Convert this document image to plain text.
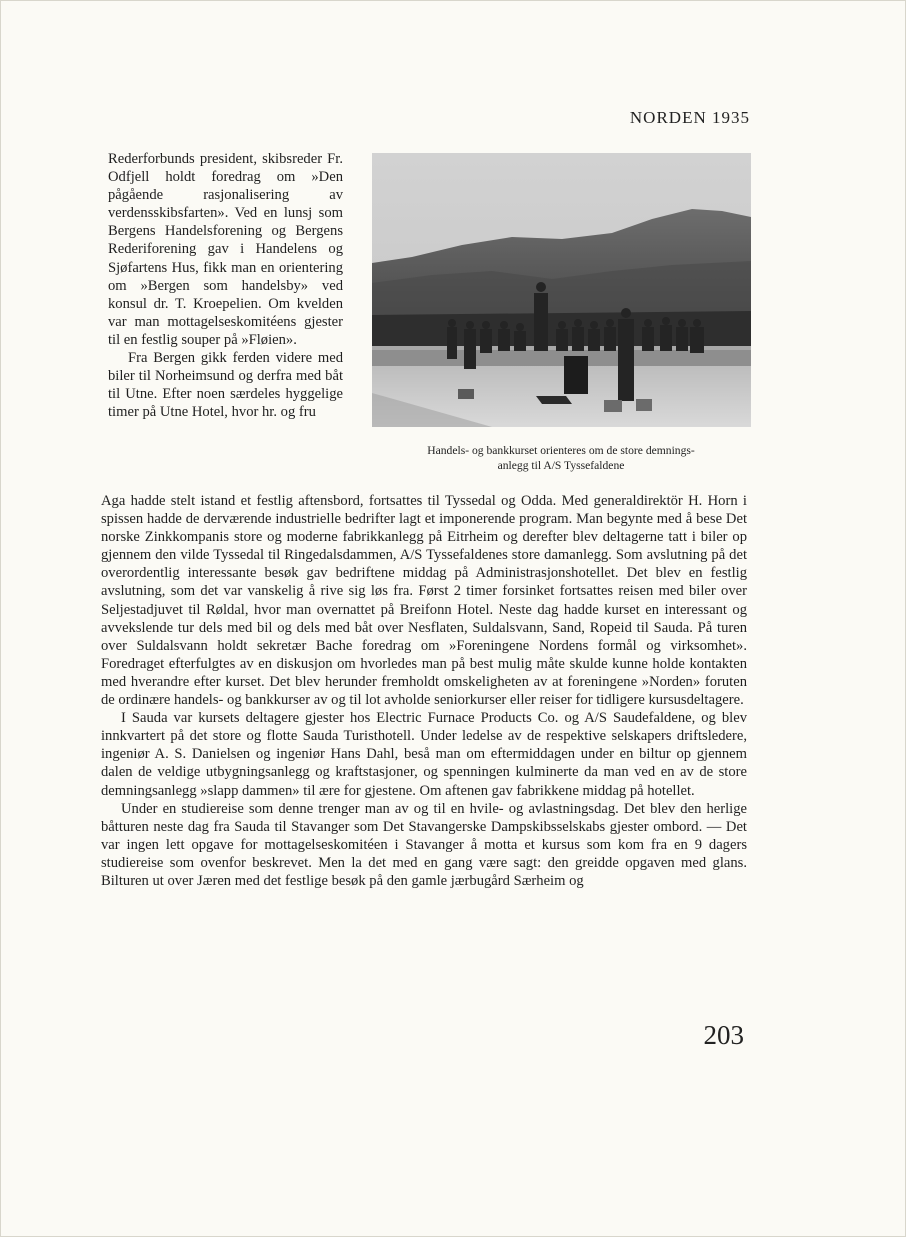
NORDEN 1935
Handels- og bankkurset orienteres om de store demnings-
anlegg til A/S Tyssefaldene

Rederforbunds president, skibsreder Fr. Odfjell holdt foredrag om »Den pågående rasjonalisering av verdensskibsfarten». Ved en lunsj som Bergens Handelsforening og Bergens Rederiforening gav i Handelens og Sjøfartens Hus, fikk man en orientering om »Bergen som handelsby» ved konsul dr. T. Kroepelien. Om kvelden var man mottagelseskomitéens gjester til en festlig souper på »Fløien».

Fra Bergen gikk ferden videre med biler til Norheimsund og derfra med båt til Utne. Efter noen særdeles hyggelige timer på Utne Hotel, hvor hr. og fru

Aga hadde stelt istand et festlig aftensbord, fortsattes til Tyssedal og Odda. Med generaldirektör H. Horn i spissen hadde de derværende industrielle bedrifter lagt et imponerende program. Man begynte med å bese Det norske Zinkkompanis store og moderne fabrikkanlegg på Eitrheim og derefter blev deltagerne tatt i biler op gjennem den vilde Tyssedal til Ringedalsdammen, A/S Tyssefaldenes store damanlegg. Som avslutning på det overordentlig interessante besøk gav bedriftene middag på Administrasjonshotellet. Det blev en festlig avslutning, som det var vanskelig å rive sig løs fra. Først 2 timer forsinket fortsattes reisen med biler over Seljestadjuvet til Røldal, hvor man overnattet på Breifonn Hotel. Neste dag hadde kurset en interessant og avvekslende tur dels med bil og dels med båt over Nesflaten, Suldalsvann, Sand, Ropeid til Sauda. På turen over Suldalsvann holdt sekretær Bache foredrag om »Foreningene Nordens formål og virksomhet». Foredraget efterfulgtes av en diskusjon om hvorledes man på best mulig måte skulde kunne holde kontakten med hverandre efter kurset. Det blev herunder fremholdt omskeligheten av at foreningene »Norden» foruten de ordinære handels- og bankkurser av og til lot avholde seniorkurser eller reiser for tidligere kursusdeltagere.

I Sauda var kursets deltagere gjester hos Electric Furnace Products Co. og A/S Saudefaldene, og blev innkvartert på det store og flotte Sauda Turisthotell. Under ledelse av de respektive selskapers driftsledere, ingeniør A. S. Danielsen og ingeniør Hans Dahl, beså man om eftermiddagen under en biltur op gjennem dalen de veldige utbygningsanlegg og kraftstasjoner, og spenningen kulminerte da man ved en av de store demningsanlegg »slapp dammen» til ære for gjestene. Om aftenen gav fabrikkene middag på hotellet.

Under en studiereise som denne trenger man av og til en hvile- og avlastningsdag. Det blev den herlige båtturen neste dag fra Sauda til Stavanger som Det Stavangerske Dampskibsselskabs gjester ombord. — Det var ingen lett opgave for mottagelseskomitéen i Stavanger å motta et kursus som kom fra en 9 dagers studiereise som ovenfor beskrevet. Men la det med en gang være sagt: den greidde opgaven med glans. Bilturen ut over Jæren med det festlige besøk på den gamle jærbugård Særheim og

203
